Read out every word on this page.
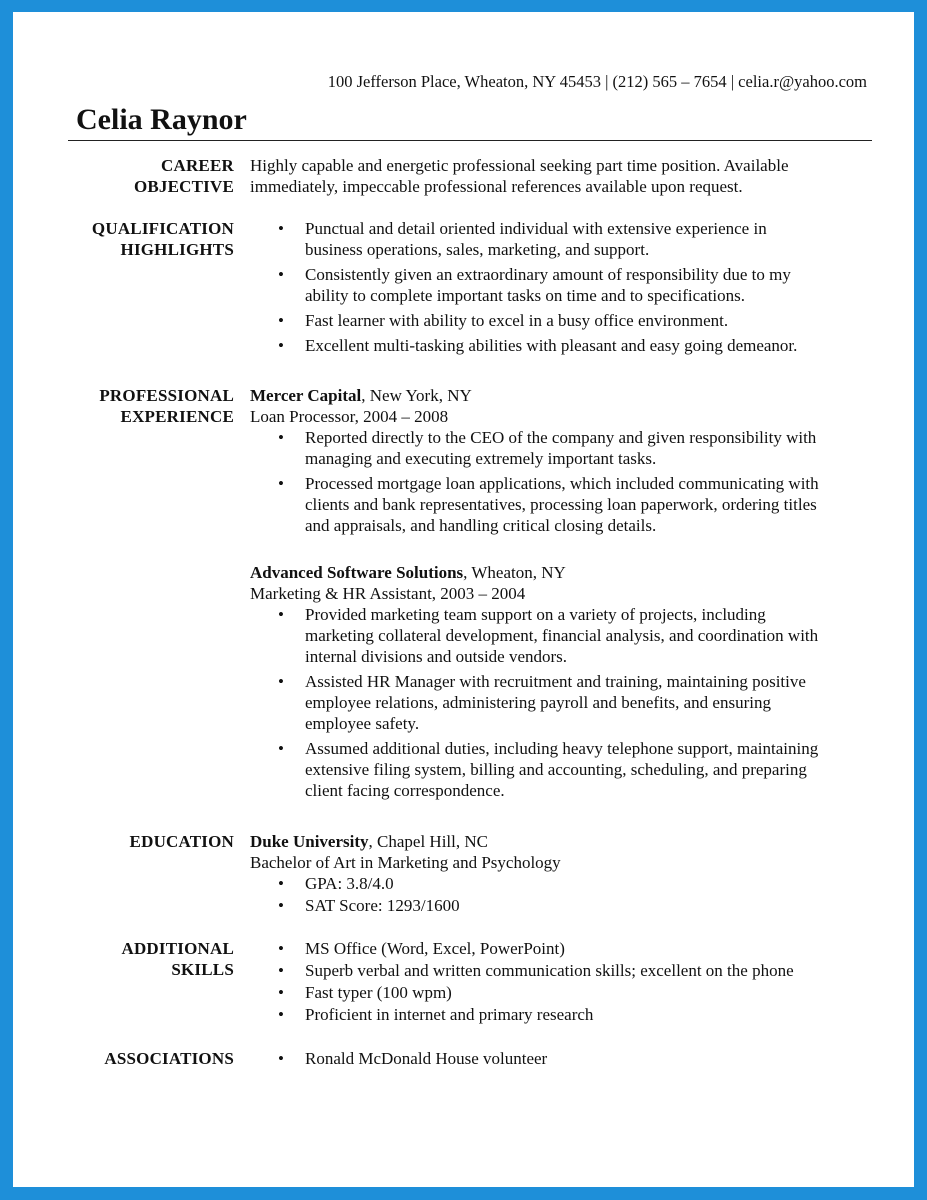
100 Jefferson Place, Wheaton, NY 45453 | (212) 565 – 7654 | celia.r@yahoo.com
Celia Raynor
CAREER
OBJECTIVE

Highly capable and energetic professional seeking part time position. Available

immediately, impeccable professional references available upon request.

QUALIFICATION
HIGHLIGHTS

• Punctual and detail oriented individual with extensive experience in

business operations, sales, marketing, and support.

• Consistently given an extraordinary amount of responsibility due to my

ability to complete important tasks on time and to specifications.

• Fast learner with ability to excel in a busy office environment.

• Excellent multi-tasking abilities with pleasant and easy going demeanor.

PROFESSIONAL
EXPERIENCE

Mercer Capital, New York, NY

Loan Processor, 2004 – 2008

• Reported directly to the CEO of the company and given responsibility with

managing and executing extremely important tasks.

• Processed mortgage loan applications, which included communicating with

clients and bank representatives, processing loan paperwork, ordering titles

and appraisals, and handling critical closing details.

Advanced Software Solutions, Wheaton, NY

Marketing & HR Assistant, 2003 – 2004

• Provided marketing team support on a variety of projects, including

marketing collateral development, financial analysis, and coordination with

internal divisions and outside vendors.

• Assisted HR Manager with recruitment and training, maintaining positive

employee relations, administering payroll and benefits, and ensuring

employee safety.

• Assumed additional duties, including heavy telephone support, maintaining

extensive filing system, billing and accounting, scheduling, and preparing

client facing correspondence.

EDUCATION Duke University, Chapel Hill, NC

Bachelor of Art in Marketing and Psychology

• GPA: 3.8/4.0
• SAT Score: 1293/1600
ADDITIONAL
SKILLS
• MS Office (Word, Excel, PowerPoint)
• Superb verbal and written communication skills; excellent on the phone
• Fast typer (100 wpm)
• Proficient in internet and primary research
ASSOCIATIONS
•	Ronald McDonald House volunteer
